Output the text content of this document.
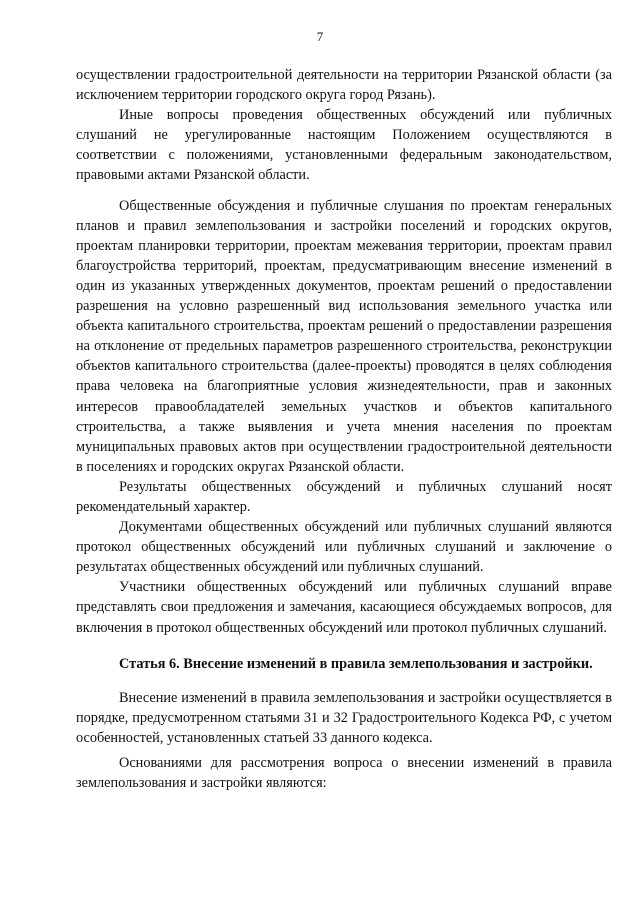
7

осуществлении градостроительной деятельности на территории Рязанской области (за исключением территории городского округа город Рязань).

Иные вопросы проведения общественных обсуждений или публичных слушаний не урегулированные настоящим Положением осуществляются в соответствии с положениями, установленными федеральным законодательством, правовыми актами Рязанской области.

Общественные обсуждения и публичные слушания по проектам генеральных планов и правил землепользования и застройки поселений и городских округов, проектам планировки территории, проектам межевания территории, проектам правил благоустройства территорий, проектам, предусматривающим внесение изменений в один из указанных утвержденных документов, проектам решений о предоставлении разрешения на условно разрешенный вид использования земельного участка или объекта капитального строительства, проектам решений о предоставлении разрешения на отклонение от предельных параметров разрешенного строительства, реконструкции объектов капитального строительства (далее-проекты) проводятся в целях соблюдения права человека на благоприятные условия жизнедеятельности, прав и законных интересов правообладателей земельных участков и объектов капитального строительства, а также выявления и учета мнения населения по проектам муниципальных правовых актов при осуществлении градостроительной деятельности в поселениях и городских округах Рязанской области.

Результаты общественных обсуждений и публичных слушаний носят рекомендательный характер.

Документами общественных обсуждений или публичных слушаний являются протокол общественных обсуждений или публичных слушаний и заключение о результатах общественных обсуждений или публичных слушаний.

Участники общественных обсуждений или публичных слушаний вправе представлять свои предложения и замечания, касающиеся обсуждаемых вопросов, для включения в протокол общественных обсуждений или протокол публичных слушаний.

Статья 6. Внесение изменений в правила землепользования и застройки.

Внесение изменений в правила землепользования и застройки осуществляется в порядке, предусмотренном статьями 31 и 32 Градостроительного Кодекса РФ, с учетом особенностей, установленных статьей 33 данного кодекса.

Основаниями для рассмотрения вопроса о внесении изменений в правила землепользования и застройки являются:
